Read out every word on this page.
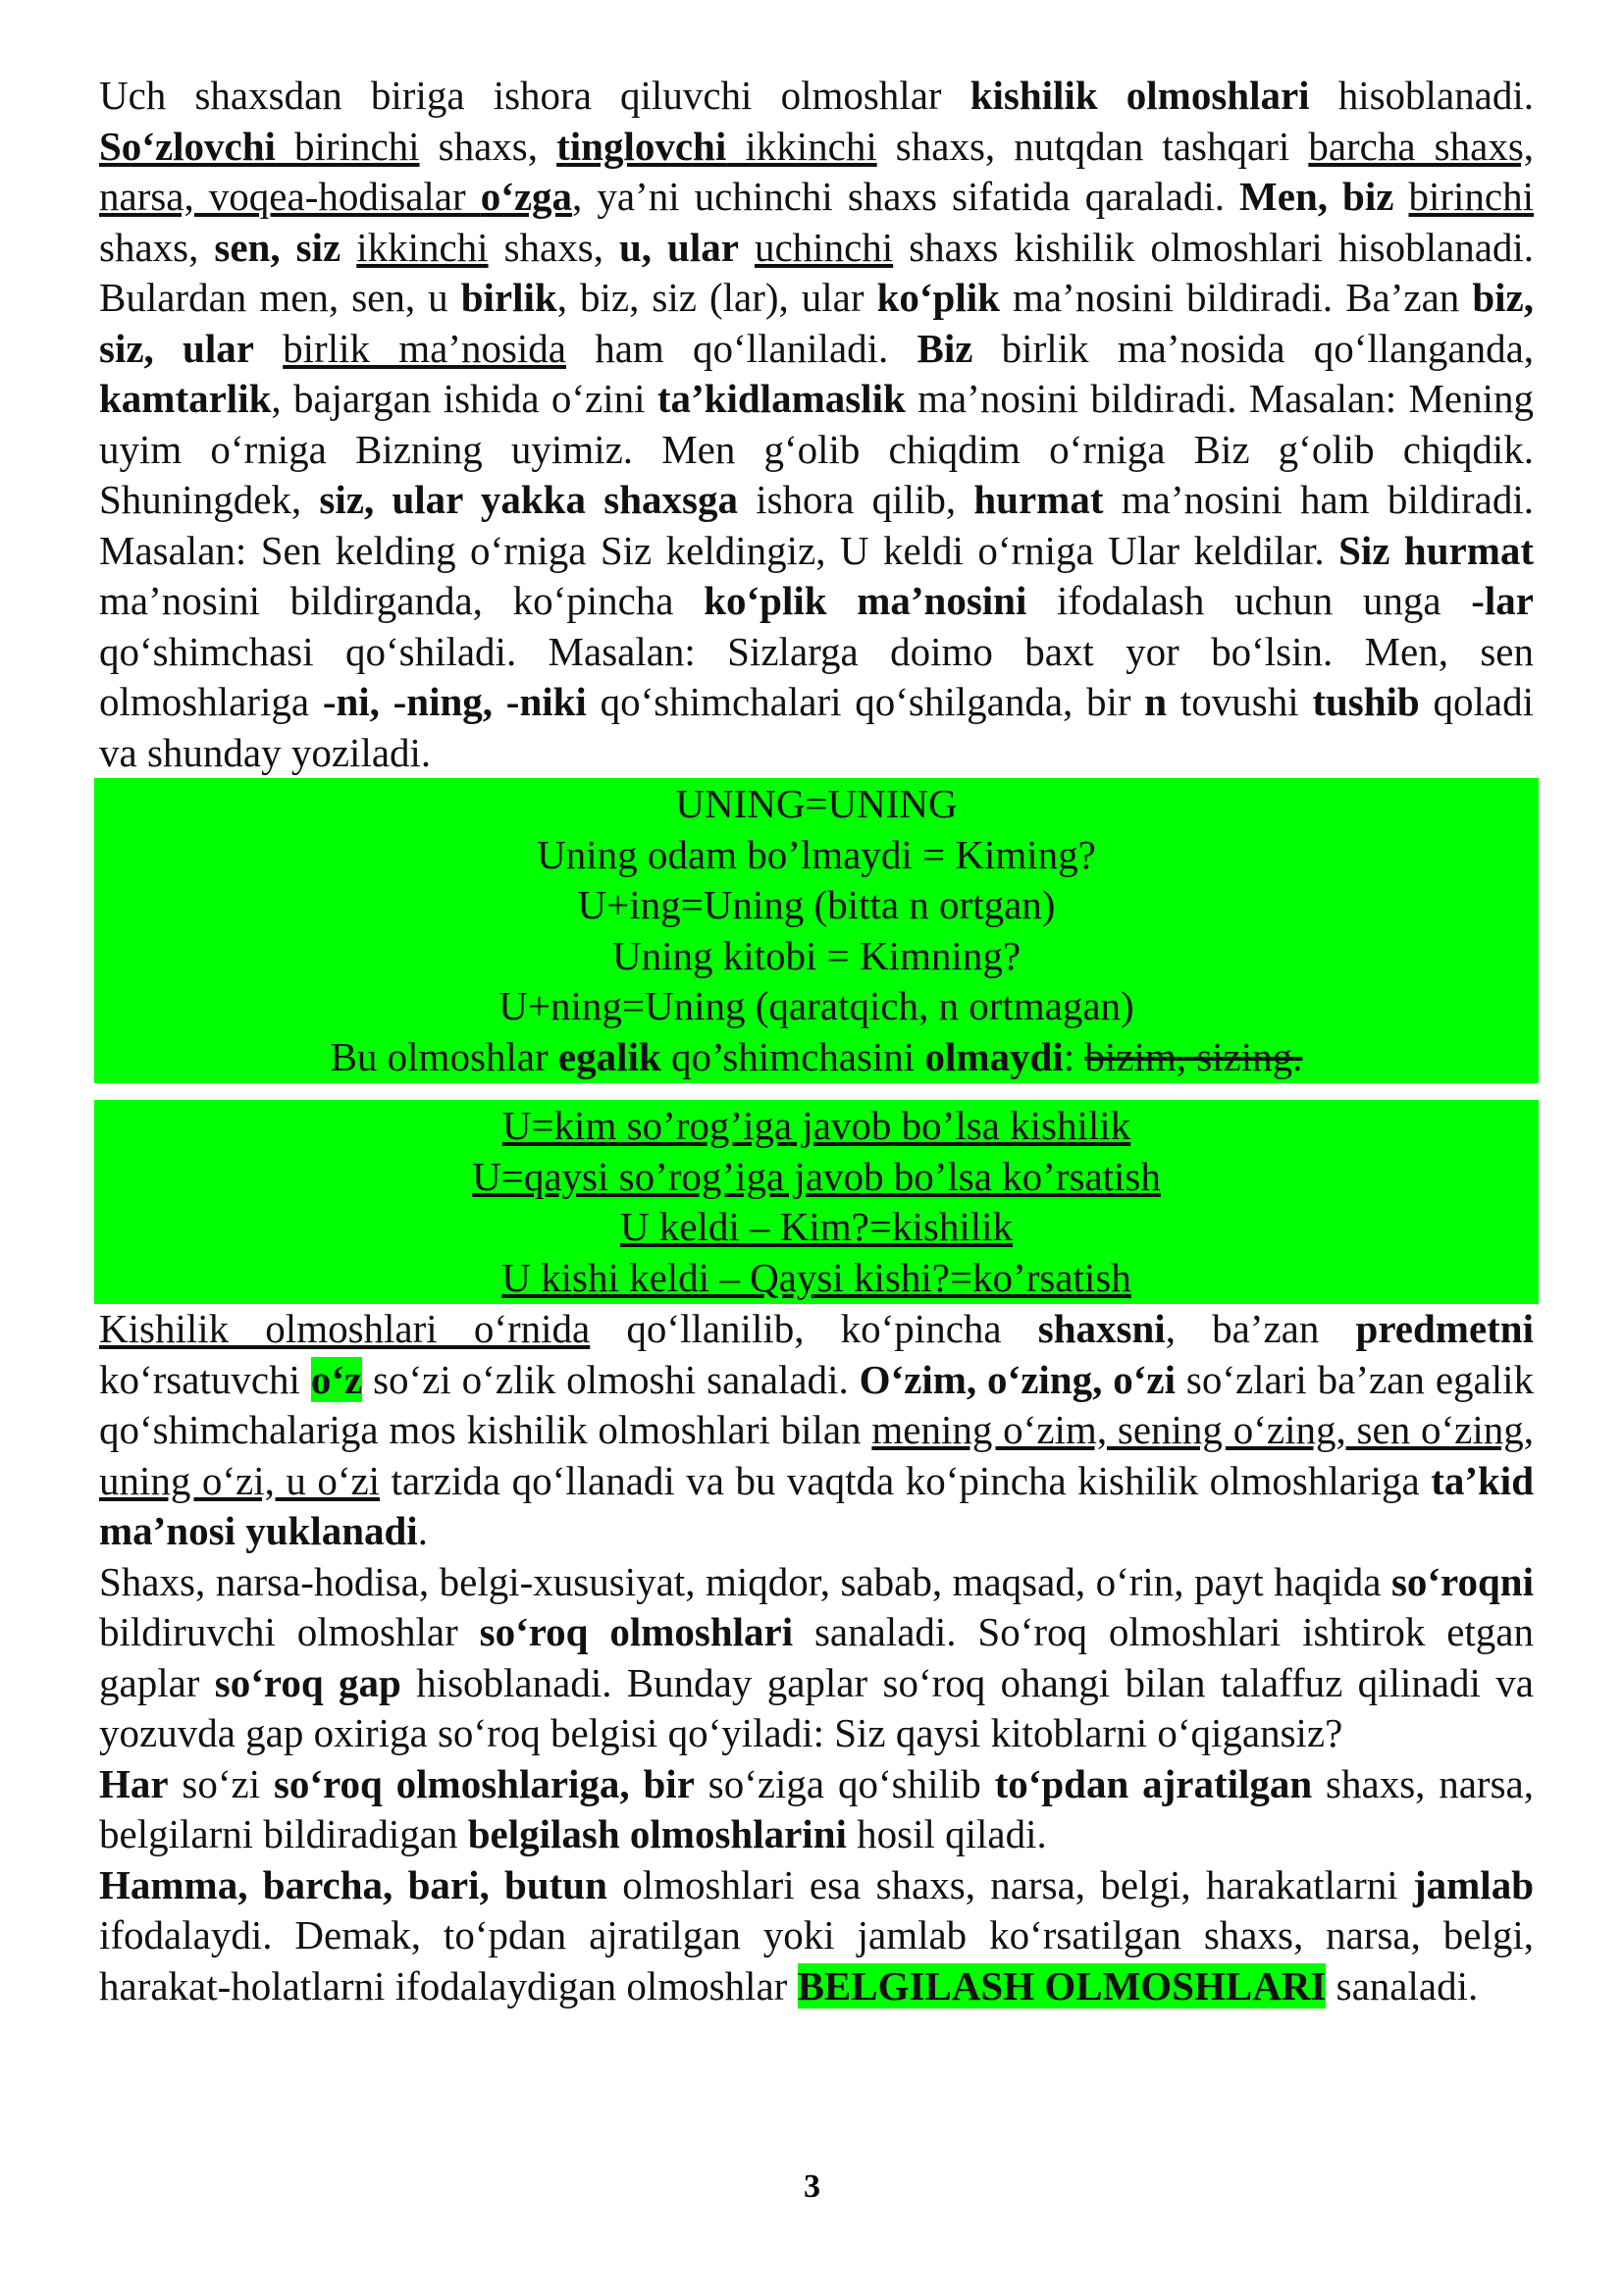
Uch shaxsdan biriga ishora qiluvchi olmoshlar kishilik olmoshlari hisoblanadi. So‘zlovchi birinchi shaxs, tinglovchi ikkinchi shaxs, nutqdan tashqari barcha shaxs, narsa, voqea-hodisalar o‘zga, ya’ni uchinchi shaxs sifatida qaraladi. Men, biz birinchi shaxs, sen, siz ikkinchi shaxs, u, ular uchinchi shaxs kishilik olmoshlari hisoblanadi. Bulardan men, sen, u birlik, biz, siz (lar), ular ko‘plik ma’nosini bildiradi. Ba’zan biz, siz, ular birlik ma’nosida ham qo‘llaniladi. Biz birlik ma’nosida qo‘llanganda, kamtarlik, bajargan ishida o‘zini ta’kidlamaslik ma’nosini bildiradi. Masalan: Mening uyim o‘rniga Bizning uyimiz. Men g‘olib chiqdim o‘rniga Biz g‘olib chiqdik. Shuningdek, siz, ular yakka shaxsga ishora qilib, hurmat ma’nosini ham bildiradi. Masalan: Sen kelding o‘rniga Siz keldingiz, U keldi o‘rniga Ular keldilar. Siz hurmat ma’nosini bildirganda, ko‘pincha ko‘plik ma’nosini ifodalash uchun unga -lar qo‘shimchasi qo‘shiladi. Masalan: Sizlarga doimo baxt yor bo‘lsin. Men, sen olmoshlariga -ni, -ning, -niki qo‘shimchalari qo‘shilganda, bir n tovushi tushib qoladi va shunday yoziladi.

UNING=UNING
Uning odam bo’lmaydi = Kiming?
U+ing=Uning (bitta n ortgan)
Uning kitobi = Kimning?
U+ning=Uning (qaratqich, n ortmagan)
Bu olmoshlar egalik qo’shimchasini olmaydi: bizim, sizing.
U=kim so’rog’iga javob bo’lsa kishilik
U=qaysi so’rog’iga javob bo’lsa ko’rsatish
U keldi – Kim?=kishilik
U kishi keldi – Qaysi kishi?=ko’rsatish

Kishilik olmoshlari o‘rnida qo‘llanilib, ko‘pincha shaxsni, ba’zan predmetni ko‘rsatuvchi o‘z so‘zi o‘zlik olmoshi sanaladi. O‘zim, o‘zing, o‘zi so‘zlari ba’zan egalik qo‘shimchalariga mos kishilik olmoshlari bilan mening o‘zim, sening o‘zing, sen o‘zing, uning o‘zi, u o‘zi tarzida qo‘llanadi va bu vaqtda ko‘pincha kishilik olmoshlariga ta’kid ma’nosi yuklanadi.

Shaxs, narsa-hodisa, belgi-xususiyat, miqdor, sabab, maqsad, o‘rin, payt haqida so‘roqni bildiruvchi olmoshlar so‘roq olmoshlari sanaladi. So‘roq olmoshlari ishtirok etgan gaplar so‘roq gap hisoblanadi. Bunday gaplar so‘roq ohangi bilan talaffuz qilinadi va yozuvda gap oxiriga so‘roq belgisi qo‘yiladi: Siz qaysi kitoblarni o‘qigansiz?

Har so‘zi so‘roq olmoshlariga, bir so‘ziga qo‘shilib to‘pdan ajratilgan shaxs, narsa, belgilarni bildiradigan belgilash olmoshlarini hosil qiladi.

Hamma, barcha, bari, butun olmoshlari esa shaxs, narsa, belgi, harakatlarni jamlab ifodalaydi. Demak, to‘pdan ajratilgan yoki jamlab ko‘rsatilgan shaxs, narsa, belgi, harakat-holatlarni ifodalaydigan olmoshlar BELGILASH OLMOSHLARI sanaladi.

3
